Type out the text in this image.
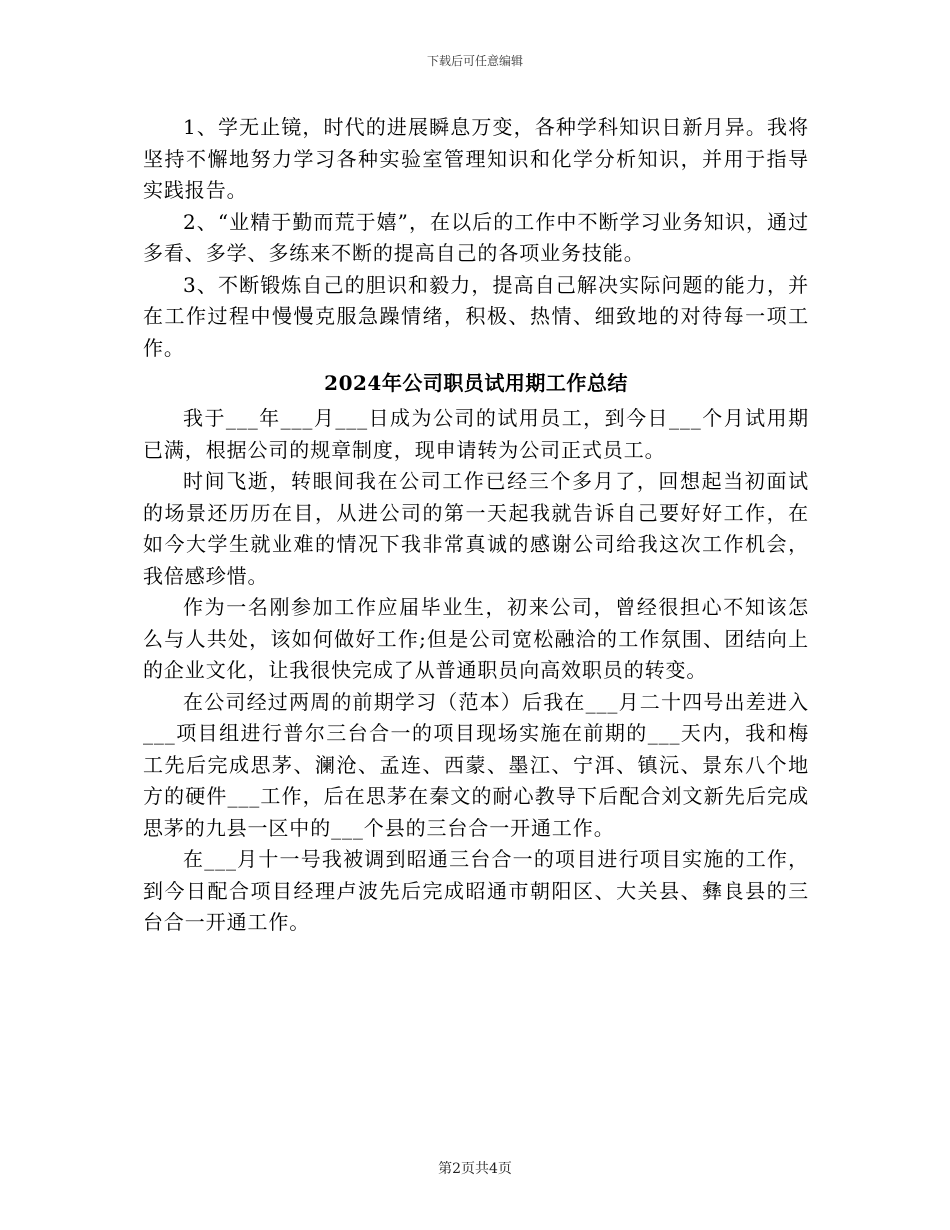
下载后可任意编辑

1、学无止镜，时代的进展瞬息万变，各种学科知识日新月异。我将坚持不懈地努力学习各种实验室管理知识和化学分析知识，并用于指导实践报告。

2、“业精于勤而荒于嬉”，在以后的工作中不断学习业务知识，通过多看、多学、多练来不断的提高自己的各项业务技能。

3、不断锻炼自己的胆识和毅力，提高自己解决实际问题的能力，并在工作过程中慢慢克服急躁情绪，积极、热情、细致地的对待每一项工作。

2024年公司职员试用期工作总结

我于___年___月___日成为公司的试用员工，到今日___个月试用期已满，根据公司的规章制度，现申请转为公司正式员工。

时间飞逝，转眼间我在公司工作已经三个多月了，回想起当初面试的场景还历历在目，从进公司的第一天起我就告诉自己要好好工作，在如今大学生就业难的情况下我非常真诚的感谢公司给我这次工作机会，我倍感珍惜。

作为一名刚参加工作应届毕业生，初来公司，曾经很担心不知该怎么与人共处，该如何做好工作;但是公司宽松融洽的工作氛围、团结向上的企业文化，让我很快完成了从普通职员向高效职员的转变。

在公司经过两周的前期学习（范本）后我在___月二十四号出差进入___项目组进行普尔三台合一的项目现场实施在前期的___天内，我和梅工先后完成思茅、澜沧、孟连、西蒙、墨江、宁洱、镇沅、景东八个地方的硬件___工作，后在思茅在秦文的耐心教导下后配合刘文新先后完成思茅的九县一区中的___个县的三台合一开通工作。

在___月十一号我被调到昭通三台合一的项目进行项目实施的工作，到今日配合项目经理卢波先后完成昭通市朝阳区、大关县、彝良县的三台合一开通工作。

第2页共4页
